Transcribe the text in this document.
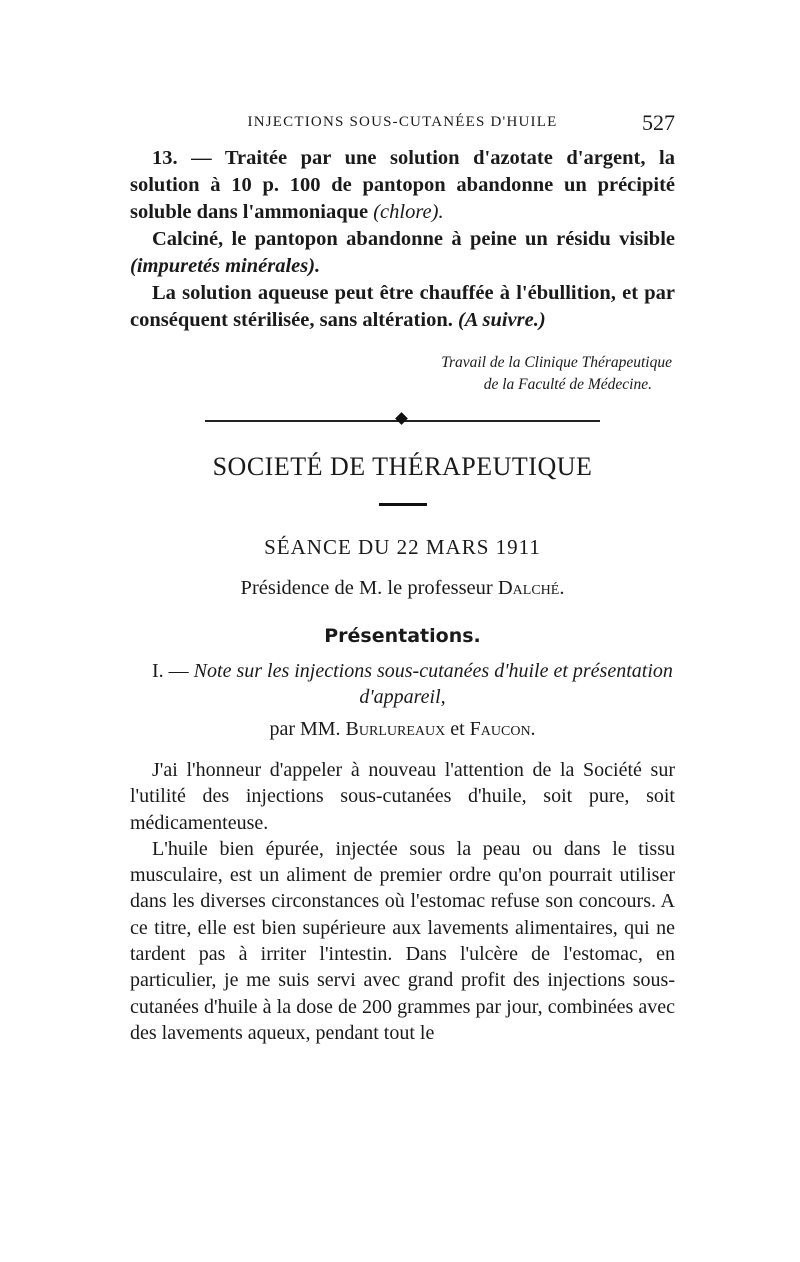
INJECTIONS SOUS-CUTANÉES D'HUILE	527

13. — Traitée par une solution d'azotate d'argent, la solution à 10 p. 100 de pantopon abandonne un précipité soluble dans l'ammoniaque (chlore).

Calciné, le pantopon abandonne à peine un résidu visible (impuretés minérales).

La solution aqueuse peut être chauffée à l'ébullition, et par conséquent stérilisée, sans altération. (A suivre.)

Travail de la Clinique Thérapeutique
de la Faculté de Médecine.
SOCIETÉ DE THÉRAPEUTIQUE
SÉANCE DU 22 MARS 1911
Présidence de M. le professeur Dalché.
Présentations.
I. — Note sur les injections sous-cutanées d'huile et présentation
d'appareil,
par MM. Burlureaux et Faucon.

J'ai l'honneur d'appeler à nouveau l'attention de la Société sur l'utilité des injections sous-cutanées d'huile, soit pure, soit médicamenteuse.

L'huile bien épurée, injectée sous la peau ou dans le tissu musculaire, est un aliment de premier ordre qu'on pourrait utiliser dans les diverses circonstances où l'estomac refuse son concours. A ce titre, elle est bien supérieure aux lavements alimentaires, qui ne tardent pas à irriter l'intestin. Dans l'ulcère de l'estomac, en particulier, je me suis servi avec grand profit des injections sous-cutanées d'huile à la dose de 200 grammes par jour, combinées avec des lavements aqueux, pendant tout le
